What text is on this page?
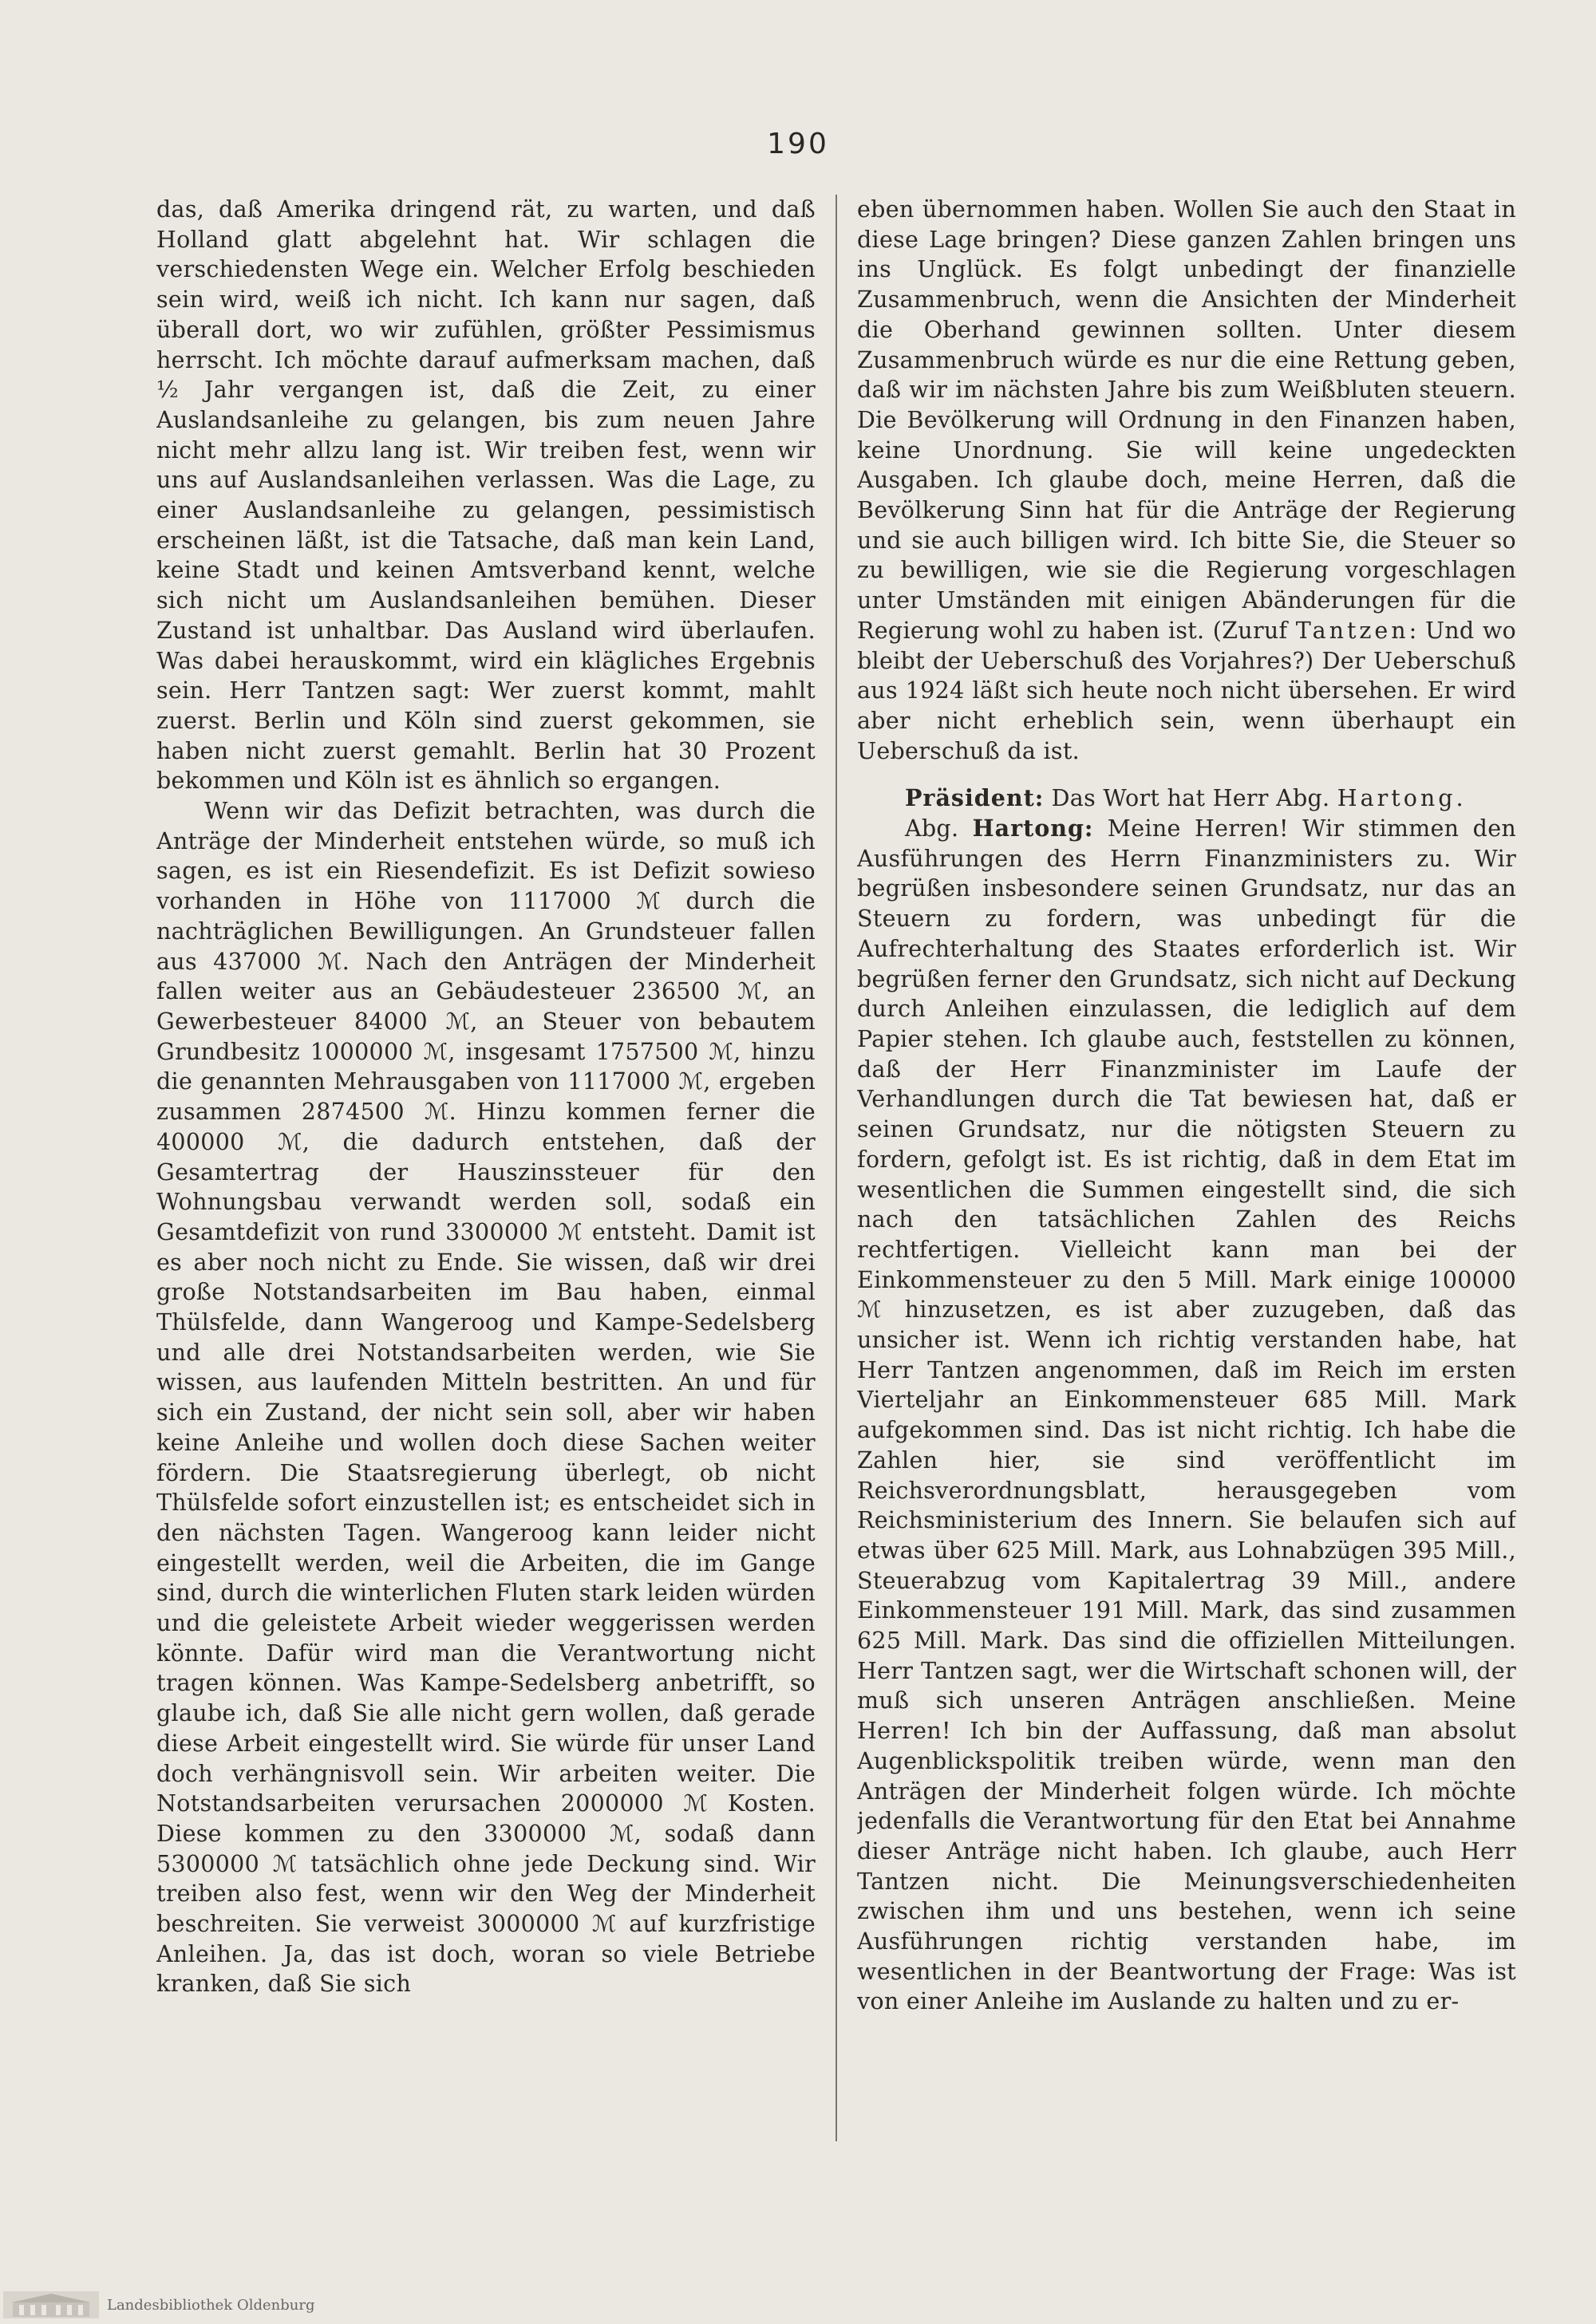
190

das, daß Amerika dringend rät, zu warten, und daß Holland glatt abgelehnt hat. Wir schlagen die verschiedensten Wege ein. Welcher Erfolg beschieden sein wird, weiß ich nicht. Ich kann nur sagen, daß überall dort, wo wir zufühlen, größter Pessimismus herrscht. Ich möchte darauf aufmerksam machen, daß ½ Jahr vergangen ist, daß die Zeit, zu einer Auslandsanleihe zu gelangen, bis zum neuen Jahre nicht mehr allzu lang ist. Wir treiben fest, wenn wir uns auf Auslandsanleihen verlassen. Was die Lage, zu einer Auslandsanleihe zu gelangen, pessimistisch erscheinen läßt, ist die Tatsache, daß man kein Land, keine Stadt und keinen Amtsverband kennt, welche sich nicht um Auslandsanleihen bemühen. Dieser Zustand ist unhaltbar. Das Ausland wird überlaufen. Was dabei herauskommt, wird ein klägliches Ergebnis sein. Herr Tantzen sagt: Wer zuerst kommt, mahlt zuerst. Berlin und Köln sind zuerst gekommen, sie haben nicht zuerst gemahlt. Berlin hat 30 Prozent bekommen und Köln ist es ähnlich so ergangen.

Wenn wir das Defizit betrachten, was durch die Anträge der Minderheit entstehen würde, so muß ich sagen, es ist ein Riesendefizit. Es ist Defizit sowieso vorhanden in Höhe von 1117000 ℳ durch die nachträglichen Bewilligungen. An Grundsteuer fallen aus 437000 ℳ. Nach den Anträgen der Minderheit fallen weiter aus an Gebäudesteuer 236500 ℳ, an Gewerbesteuer 84000 ℳ, an Steuer von bebautem Grundbesitz 1000000 ℳ, insgesamt 1757500 ℳ, hinzu die genannten Mehrausgaben von 1117000 ℳ, ergeben zusammen 2874500 ℳ. Hinzu kommen ferner die 400000 ℳ, die dadurch entstehen, daß der Gesamtertrag der Hauszinssteuer für den Wohnungsbau verwandt werden soll, sodaß ein Gesamtdefizit von rund 3300000 ℳ entsteht. Damit ist es aber noch nicht zu Ende. Sie wissen, daß wir drei große Notstandsarbeiten im Bau haben, einmal Thülsfelde, dann Wangeroog und Kampe-Sedelsberg und alle drei Notstandsarbeiten werden, wie Sie wissen, aus laufenden Mitteln bestritten. An und für sich ein Zustand, der nicht sein soll, aber wir haben keine Anleihe und wollen doch diese Sachen weiter fördern. Die Staatsregierung überlegt, ob nicht Thülsfelde sofort einzustellen ist; es entscheidet sich in den nächsten Tagen. Wangeroog kann leider nicht eingestellt werden, weil die Arbeiten, die im Gange sind, durch die winterlichen Fluten stark leiden würden und die geleistete Arbeit wieder weggerissen werden könnte. Dafür wird man die Verantwortung nicht tragen können. Was Kampe-Sedelsberg anbetrifft, so glaube ich, daß Sie alle nicht gern wollen, daß gerade diese Arbeit eingestellt wird. Sie würde für unser Land doch verhängnisvoll sein. Wir arbeiten weiter. Die Notstandsarbeiten verursachen 2000000 ℳ Kosten. Diese kommen zu den 3300000 ℳ, sodaß dann 5300000 ℳ tatsächlich ohne jede Deckung sind. Wir treiben also fest, wenn wir den Weg der Minderheit beschreiten. Sie verweist 3000000 ℳ auf kurzfristige Anleihen. Ja, das ist doch, woran so viele Betriebe kranken, daß Sie sich

eben übernommen haben. Wollen Sie auch den Staat in diese Lage bringen? Diese ganzen Zahlen bringen uns ins Unglück. Es folgt unbedingt der finanzielle Zusammenbruch, wenn die Ansichten der Minderheit die Oberhand gewinnen sollten. Unter diesem Zusammenbruch würde es nur die eine Rettung geben, daß wir im nächsten Jahre bis zum Weißbluten steuern. Die Bevölkerung will Ordnung in den Finanzen haben, keine Unordnung. Sie will keine ungedeckten Ausgaben. Ich glaube doch, meine Herren, daß die Bevölkerung Sinn hat für die Anträge der Regierung und sie auch billigen wird. Ich bitte Sie, die Steuer so zu bewilligen, wie sie die Regierung vorgeschlagen unter Umständen mit einigen Abänderungen für die Regierung wohl zu haben ist. (Zuruf Tantzen: Und wo bleibt der Ueberschuß des Vorjahres?) Der Ueberschuß aus 1924 läßt sich heute noch nicht übersehen. Er wird aber nicht erheblich sein, wenn überhaupt ein Ueberschuß da ist.

Präsident: Das Wort hat Herr Abg. Hartong.

Abg. Hartong: Meine Herren! Wir stimmen den Ausführungen des Herrn Finanzministers zu. Wir begrüßen insbesondere seinen Grundsatz, nur das an Steuern zu fordern, was unbedingt für die Aufrechterhaltung des Staates erforderlich ist. Wir begrüßen ferner den Grundsatz, sich nicht auf Deckung durch Anleihen einzulassen, die lediglich auf dem Papier stehen. Ich glaube auch, feststellen zu können, daß der Herr Finanzminister im Laufe der Verhandlungen durch die Tat bewiesen hat, daß er seinen Grundsatz, nur die nötigsten Steuern zu fordern, gefolgt ist. Es ist richtig, daß in dem Etat im wesentlichen die Summen eingestellt sind, die sich nach den tatsächlichen Zahlen des Reichs rechtfertigen. Vielleicht kann man bei der Einkommensteuer zu den 5 Mill. Mark einige 100000 ℳ hinzusetzen, es ist aber zuzugeben, daß das unsicher ist. Wenn ich richtig verstanden habe, hat Herr Tantzen angenommen, daß im Reich im ersten Vierteljahr an Einkommensteuer 685 Mill. Mark aufgekommen sind. Das ist nicht richtig. Ich habe die Zahlen hier, sie sind veröffentlicht im Reichsverordnungsblatt, herausgegeben vom Reichsministerium des Innern. Sie belaufen sich auf etwas über 625 Mill. Mark, aus Lohnabzügen 395 Mill., Steuerabzug vom Kapitalertrag 39 Mill., andere Einkommensteuer 191 Mill. Mark, das sind zusammen 625 Mill. Mark. Das sind die offiziellen Mitteilungen. Herr Tantzen sagt, wer die Wirtschaft schonen will, der muß sich unseren Anträgen anschließen. Meine Herren! Ich bin der Auffassung, daß man absolut Augenblickspolitik treiben würde, wenn man den Anträgen der Minderheit folgen würde. Ich möchte jedenfalls die Verantwortung für den Etat bei Annahme dieser Anträge nicht haben. Ich glaube, auch Herr Tantzen nicht. Die Meinungsverschiedenheiten zwischen ihm und uns bestehen, wenn ich seine Ausführungen richtig verstanden habe, im wesentlichen in der Beantwortung der Frage: Was ist von einer Anleihe im Auslande zu halten und zu er-

Landesbibliothek Oldenburg
